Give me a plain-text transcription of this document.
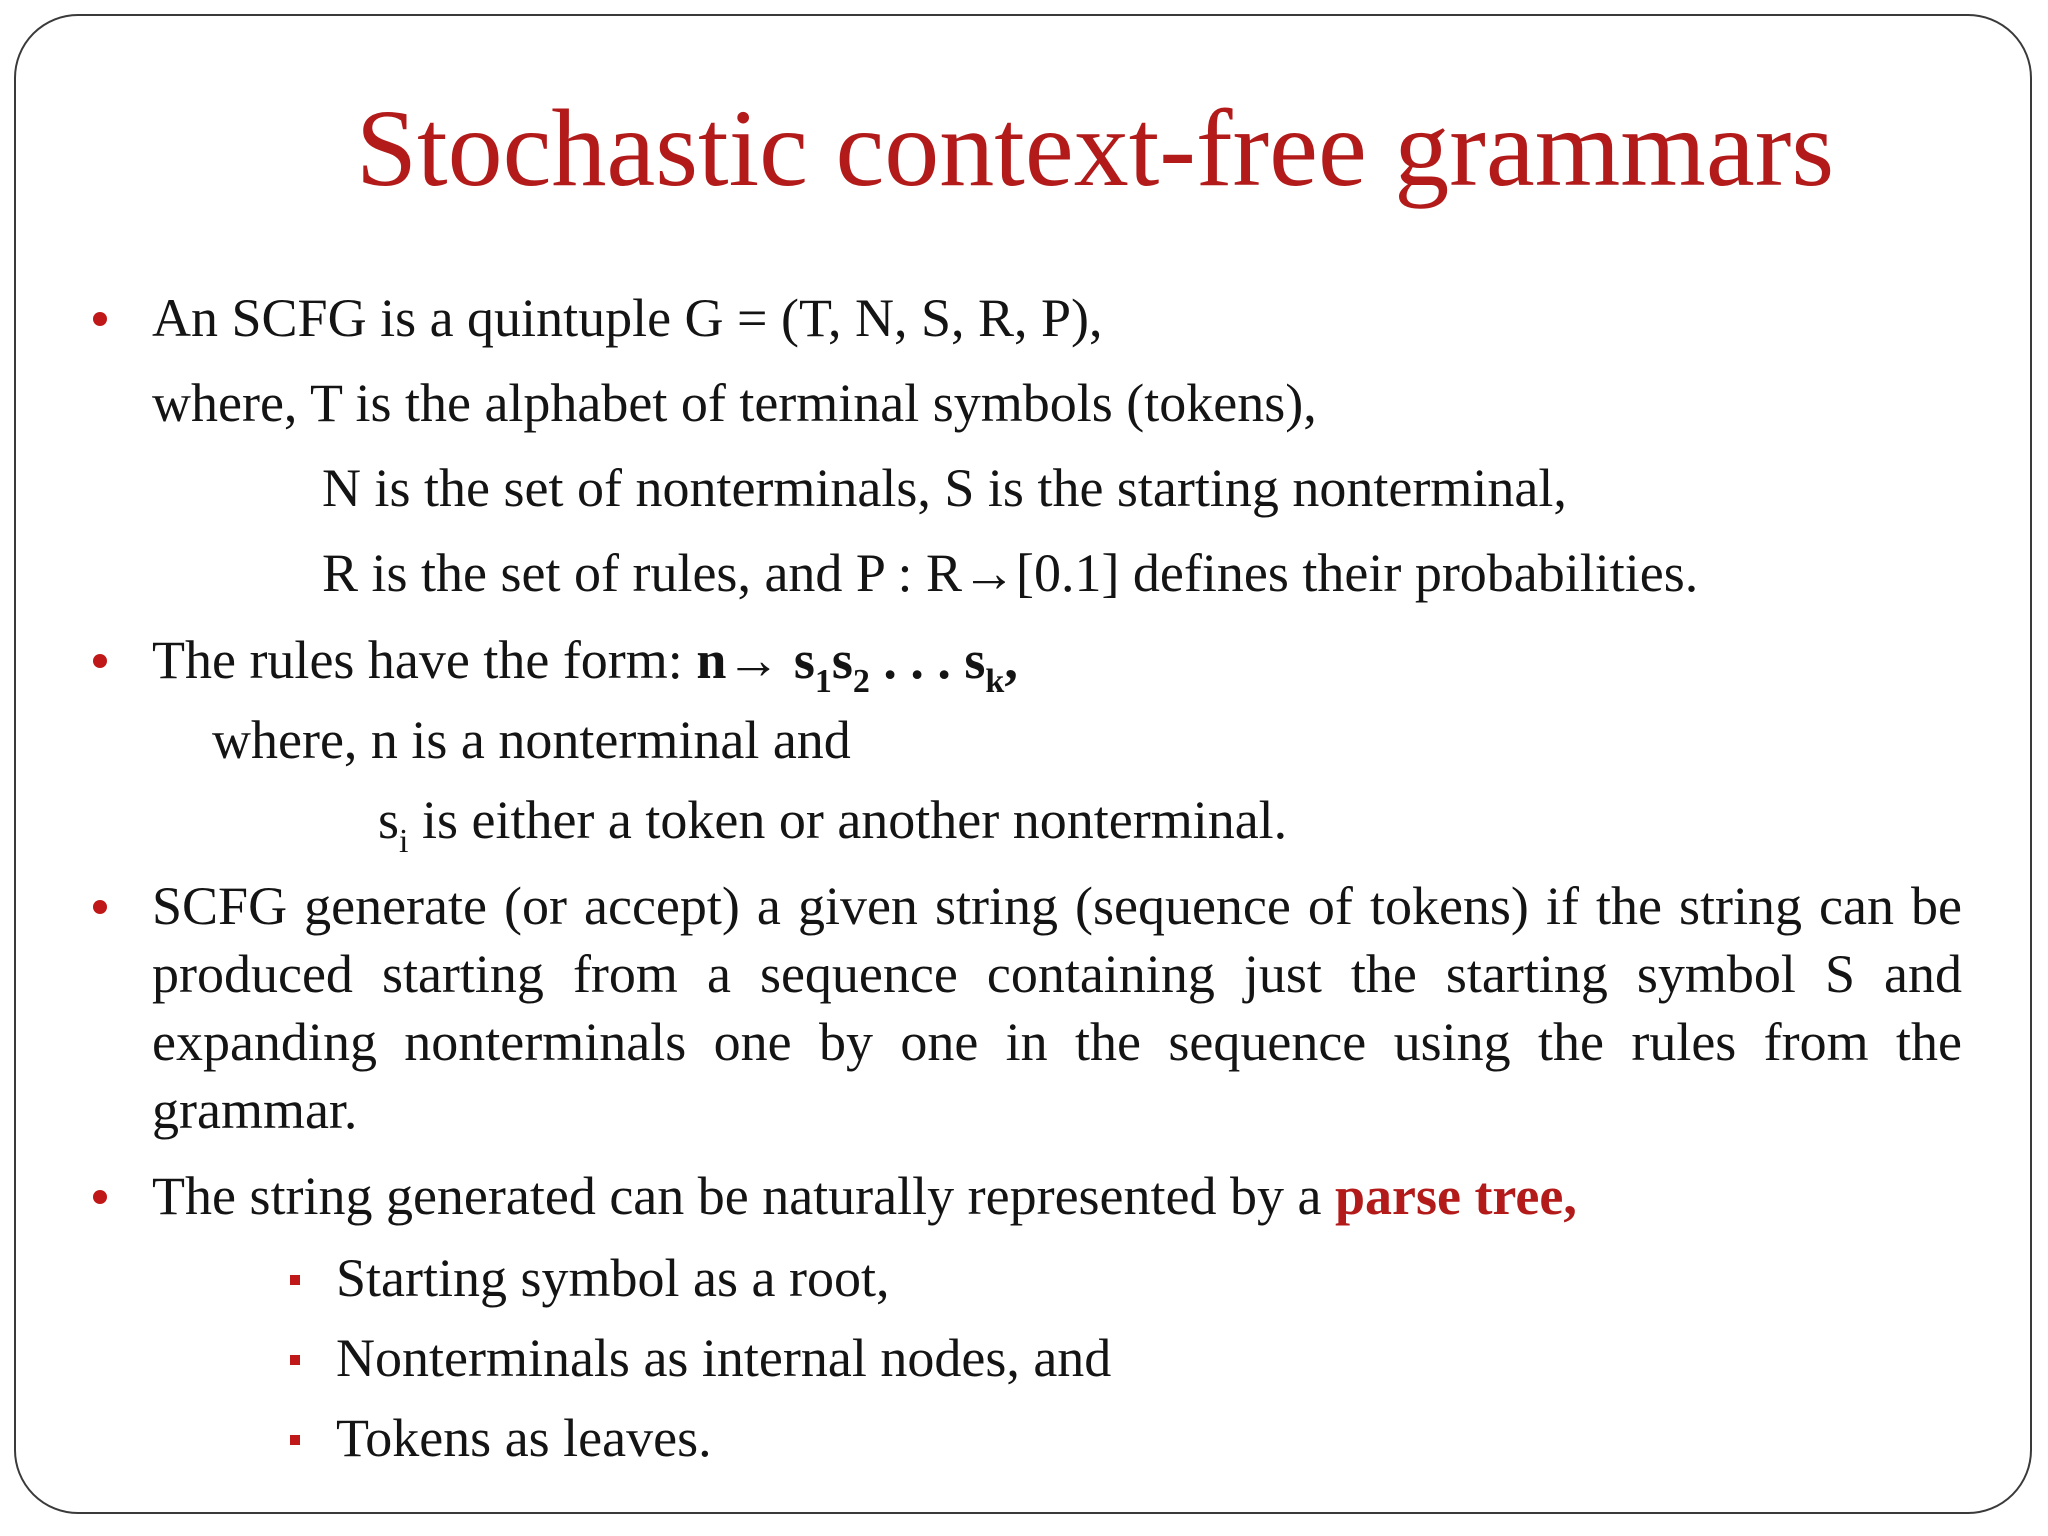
Stochastic context-free grammars
An SCFG is a quintuple G = (T, N, S, R, P),
where, T is the alphabet of terminal symbols (tokens),
N is the set of nonterminals, S is the starting nonterminal,
R is the set of rules, and P : R→[0.1] defines their probabilities.
The rules have the form: $n\to s_1s_2$ . . . $s_k$,
where, n is a nonterminal and
$s_i$ is either a token or another nonterminal.
SCFG generate (or accept) a given string (sequence of tokens) if the string can be produced starting from a sequence containing just the starting symbol S and expanding nonterminals one by one in the sequence using the rules from the grammar.
The string generated can be naturally represented by a parse tree,
Starting symbol as a root,
Nonterminals as internal nodes, and
Tokens as leaves.
